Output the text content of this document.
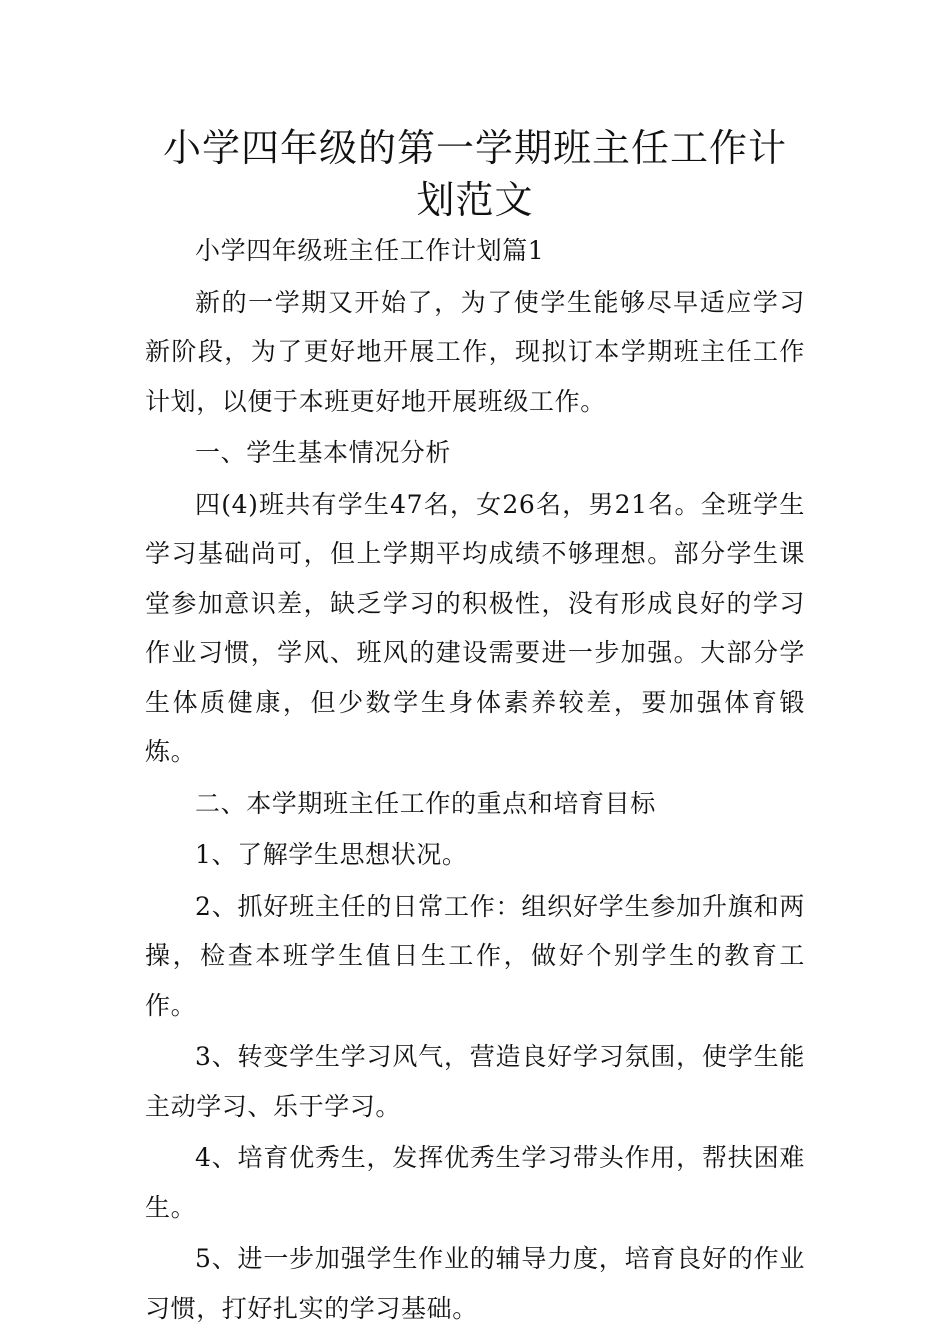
小学四年级的第一学期班主任工作计划范文

小学四年级班主任工作计划篇1

新的一学期又开始了，为了使学生能够尽早适应学习新阶段，为了更好地开展工作，现拟订本学期班主任工作计划，以便于本班更好地开展班级工作。

一、学生基本情况分析

四(4)班共有学生47名，女26名，男21名。全班学生学习基础尚可，但上学期平均成绩不够理想。部分学生课堂参加意识差，缺乏学习的积极性，没有形成良好的学习作业习惯，学风、班风的建设需要进一步加强。大部分学生体质健康，但少数学生身体素养较差，要加强体育锻炼。

二、本学期班主任工作的重点和培育目标

1、了解学生思想状况。

2、抓好班主任的日常工作：组织好学生参加升旗和两操，检查本班学生值日生工作，做好个别学生的教育工作。

3、转变学生学习风气，营造良好学习氛围，使学生能主动学习、乐于学习。

4、培育优秀生，发挥优秀生学习带头作用，帮扶困难生。

5、进一步加强学生作业的辅导力度，培育良好的作业习惯，打好扎实的学习基础。
